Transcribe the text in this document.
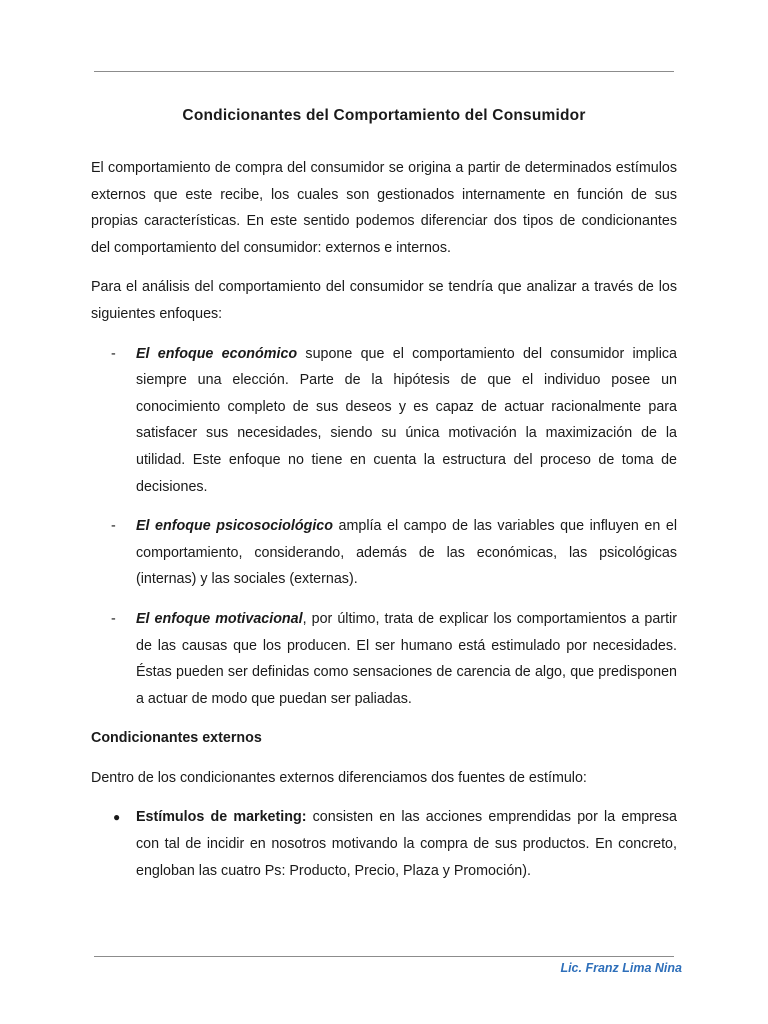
Condicionantes del Comportamiento del Consumidor

El comportamiento de compra del consumidor se origina a partir de determinados estímulos externos que este recibe, los cuales son gestionados internamente en función de sus propias características. En este sentido podemos diferenciar dos tipos de condicionantes del comportamiento del consumidor: externos e internos.

Para el análisis del comportamiento del consumidor se tendría que analizar a través de los siguientes enfoques:

- El enfoque económico supone que el comportamiento del consumidor implica siempre una elección. Parte de la hipótesis de que el individuo posee un conocimiento completo de sus deseos y es capaz de actuar racionalmente para satisfacer sus necesidades, siendo su única motivación la maximización de la utilidad. Este enfoque no tiene en cuenta la estructura del proceso de toma de decisiones.
- El enfoque psicosociológico amplía el campo de las variables que influyen en el comportamiento, considerando, además de las económicas, las psicológicas (internas) y las sociales (externas).
- El enfoque motivacional, por último, trata de explicar los comportamientos a partir de las causas que los producen. El ser humano está estimulado por necesidades. Éstas pueden ser definidas como sensaciones de carencia de algo, que predisponen a actuar de modo que puedan ser paliadas.
Condicionantes externos

Dentro de los condicionantes externos diferenciamos dos fuentes de estímulo:

● Estímulos de marketing: consisten en las acciones emprendidas por la empresa con tal de incidir en nosotros motivando la compra de sus productos. En concreto, engloban las cuatro Ps: Producto, Precio, Plaza y Promoción).
Lic. Franz Lima Nina
